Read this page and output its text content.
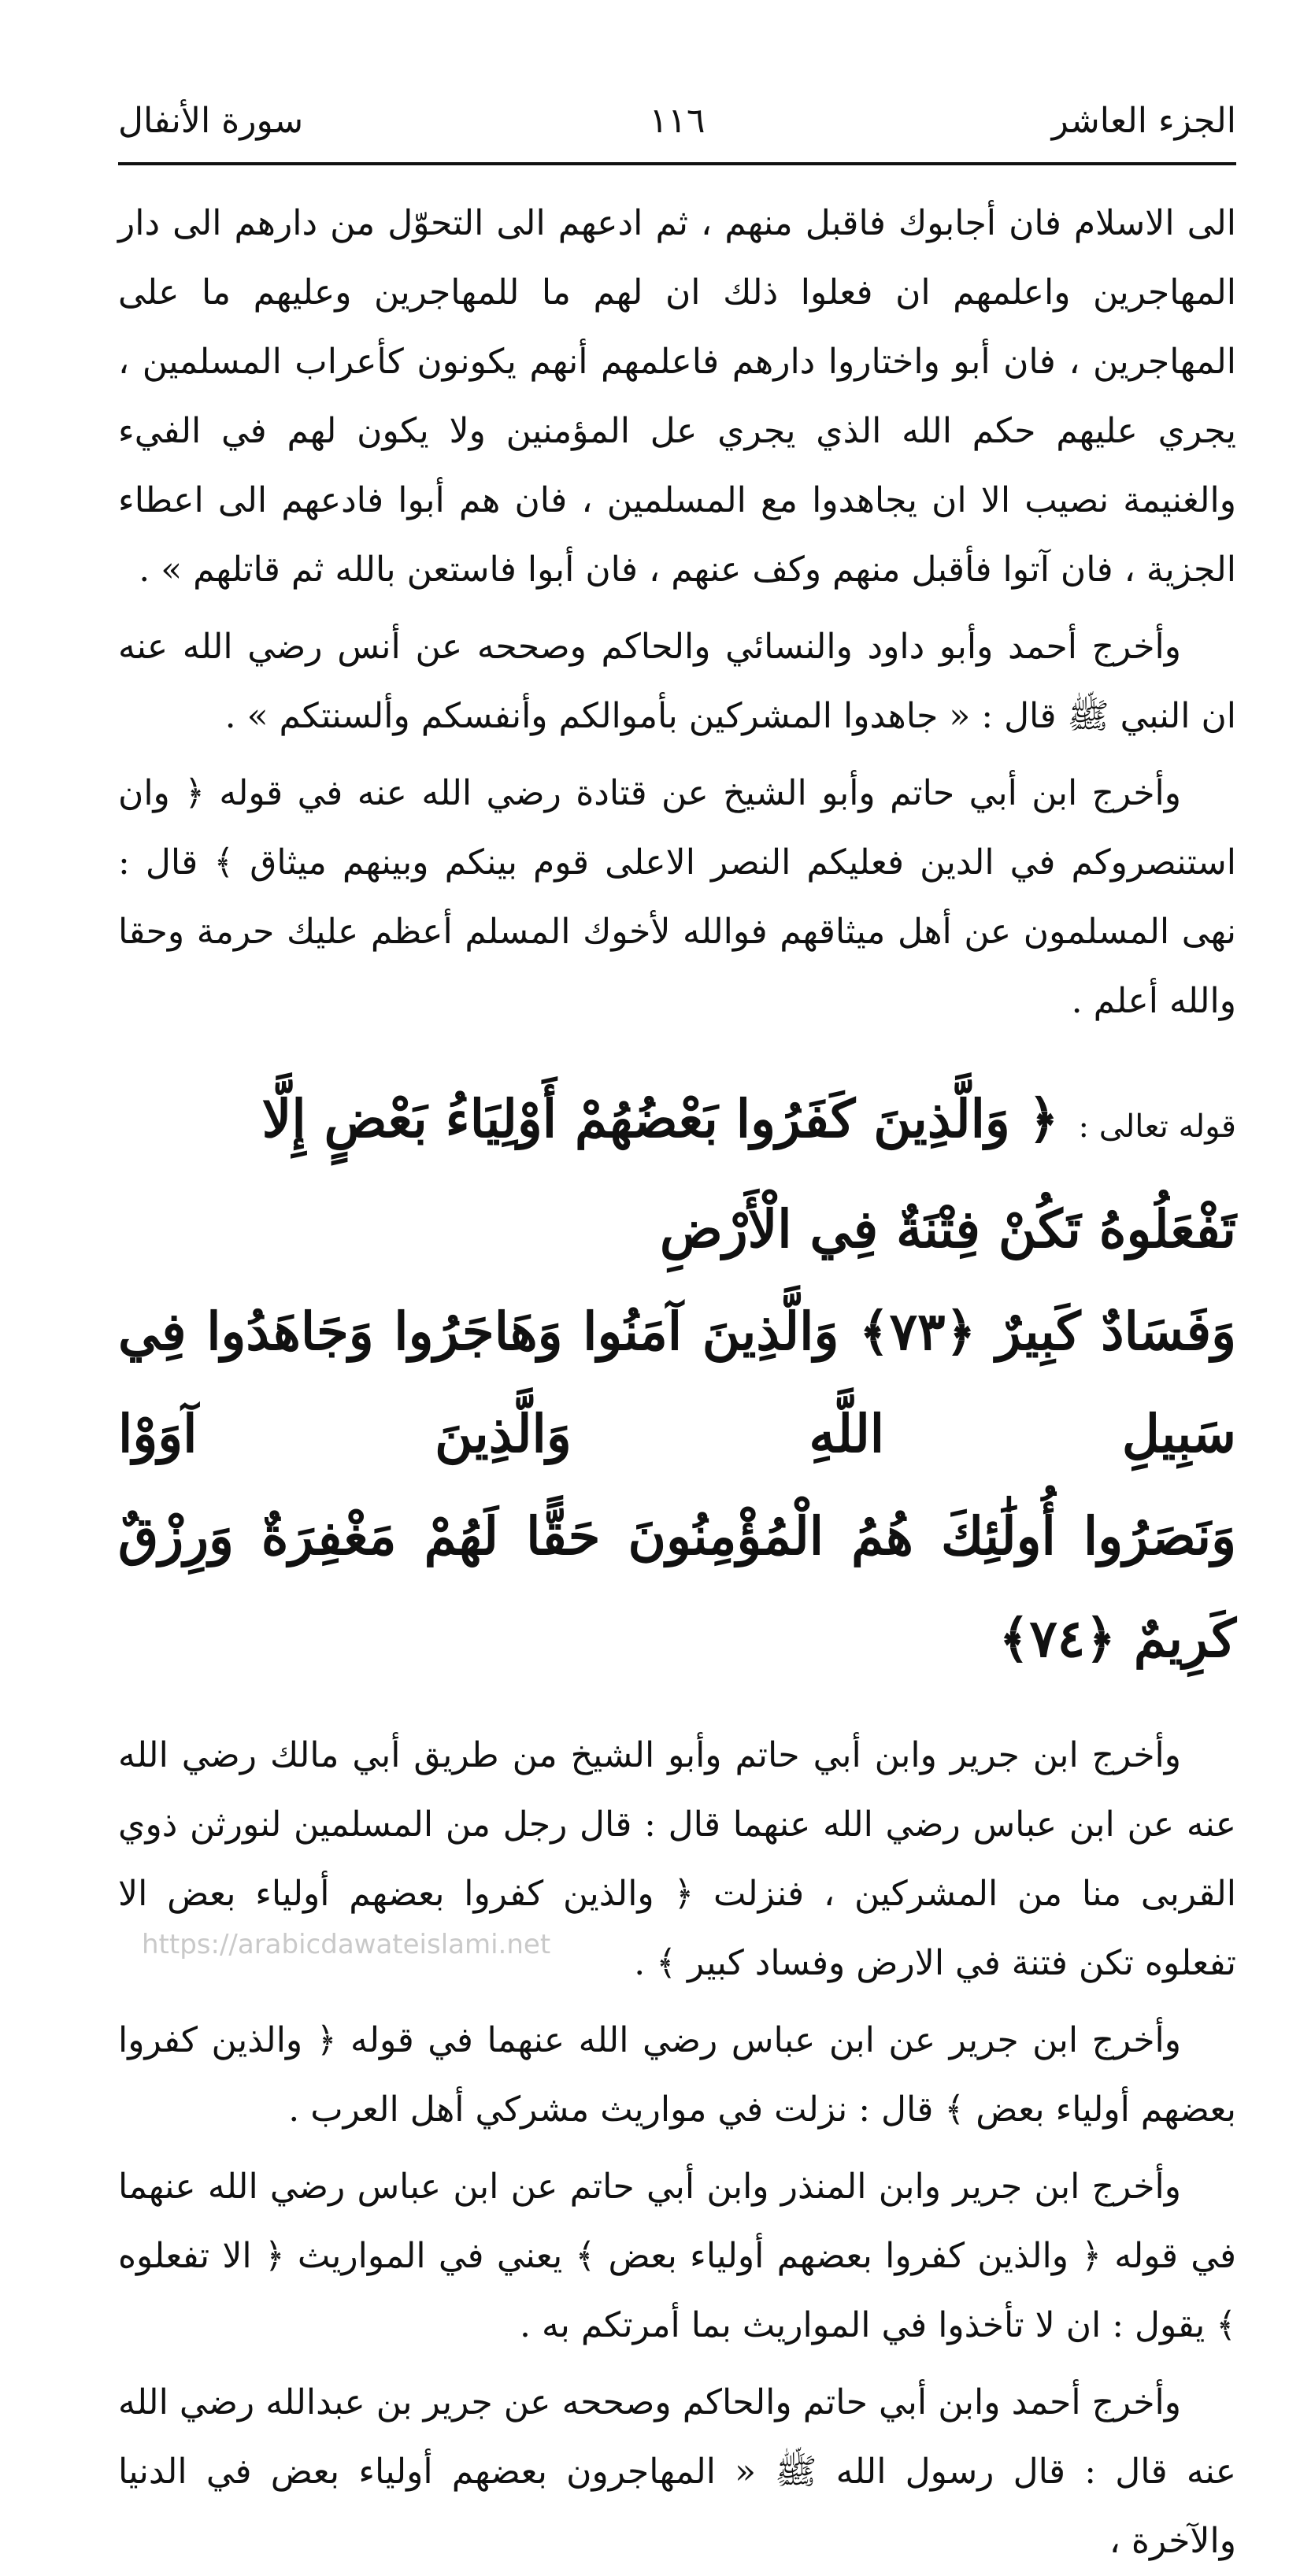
الجزء العاشر
١١٦
سورة الأنفال

الى الاسلام فان أجابوك فاقبل منهم ، ثم ادعهم الى التحوّل من دارهم الى دار المهاجرين واعلمهم ان فعلوا ذلك ان لهم ما للمهاجرين وعليهم ما على المهاجرين ، فان أبو واختاروا دارهم فاعلمهم أنهم يكونون كأعراب المسلمين ، يجري عليهم حكم الله الذي يجري عل المؤمنين ولا يكون لهم في الفيء والغنيمة نصيب الا ان يجاهدوا مع المسلمين ، فان هم أبوا فادعهم الى اعطاء الجزية ، فان آتوا فأقبل منهم وكف عنهم ، فان أبوا فاستعن بالله ثم قاتلهم » .

وأخرج أحمد وأبو داود والنسائي والحاكم وصححه عن أنس رضي الله عنه ان النبي ﷺ قال : « جاهدوا المشركين بأموالكم وأنفسكم وألسنتكم » .

وأخرج ابن أبي حاتم وأبو الشيخ عن قتادة رضي الله عنه في قوله ﴿ وان استنصروكم في الدين فعليكم النصر الاعلى قوم بينكم وبينهم ميثاق ﴾ قال : نهى المسلمون عن أهل ميثاقهم فوالله لأخوك المسلم أعظم عليك حرمة وحقا والله أعلم .

قوله تعالى :

﴿ وَالَّذِينَ كَفَرُوا بَعْضُهُمْ أَوْلِيَاءُ بَعْضٍ إِلَّا تَفْعَلُوهُ تَكُنْ فِتْنَةٌ فِي الْأَرْضِ

وَفَسَادٌ كَبِيرٌ ﴿٧٣﴾ وَالَّذِينَ آمَنُوا وَهَاجَرُوا وَجَاهَدُوا فِي سَبِيلِ اللَّهِ وَالَّذِينَ آوَوْا

وَنَصَرُوا أُولَٰئِكَ هُمُ الْمُؤْمِنُونَ حَقًّا لَهُمْ مَغْفِرَةٌ وَرِزْقٌ كَرِيمٌ ﴿٧٤﴾

وأخرج ابن جرير وابن أبي حاتم وأبو الشيخ من طريق أبي مالك رضي الله عنه عن ابن عباس رضي الله عنهما قال : قال رجل من المسلمين لنورثن ذوي القربى منا من المشركين ، فنزلت ﴿ والذين كفروا بعضهم أولياء بعض الا تفعلوه تكن فتنة في الارض وفساد كبير ﴾ .

وأخرج ابن جرير عن ابن عباس رضي الله عنهما في قوله ﴿ والذين كفروا بعضهم أولياء بعض ﴾ قال : نزلت في مواريث مشركي أهل العرب .

وأخرج ابن جرير وابن المنذر وابن أبي حاتم عن ابن عباس رضي الله عنهما في قوله ﴿ والذين كفروا بعضهم أولياء بعض ﴾ يعني في المواريث ﴿ الا تفعلوه ﴾ يقول : ان لا تأخذوا في المواريث بما أمرتكم به .

وأخرج أحمد وابن أبي حاتم والحاكم وصححه عن جرير بن عبدالله رضي الله عنه قال : قال رسول الله ﷺ « المهاجرون بعضهم أولياء بعض في الدنيا والآخرة ،

https://arabicdawateislami.net
